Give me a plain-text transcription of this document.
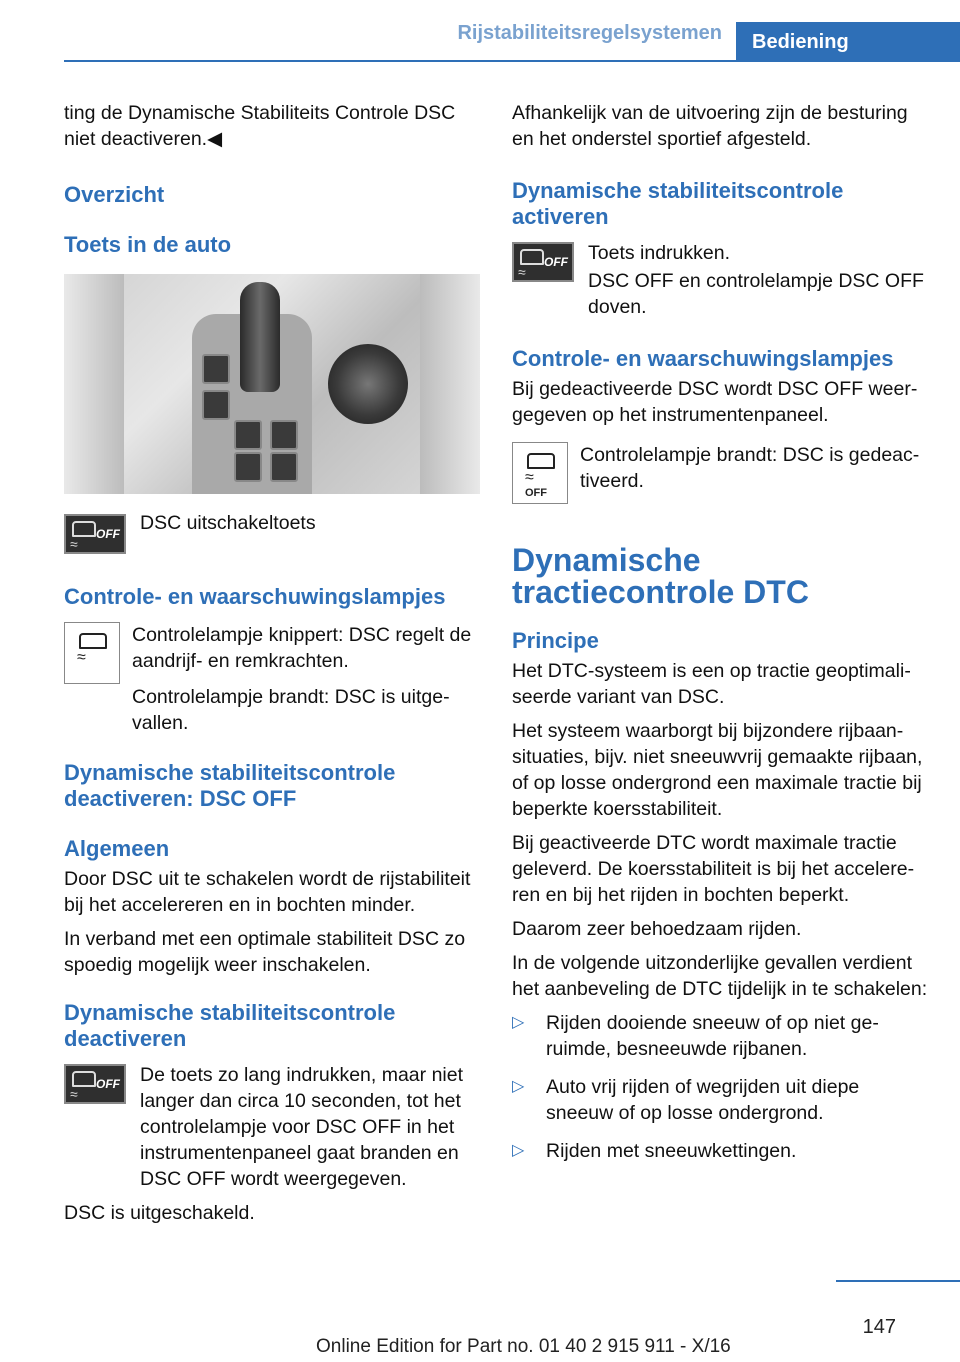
Rijstabiliteitsregelsystemen	Bediening

ting de Dynamische Stabiliteits Controle DSC niet deactiveren.◀

Overzicht
Toets in de auto
≈
OFF DSC uitschakeltoets
Controle- en waarschuwingslampjes
≈

Controlelampje knippert: DSC regelt de aandrijf- en remkrachten.

Controlelampje brandt: DSC is uitgevallen.

Dynamische stabiliteitscontrole deactiveren: DSC OFF
Algemeen

Door DSC uit te schakelen wordt de rijstabiliteit bij het accelereren en in bochten minder.

In verband met een optimale stabiliteit DSC zo spoedig mogelijk weer inschakelen.

Dynamische stabiliteitscontrole deactiveren
≈
OFF De toets zo lang indrukken, maar niet langer dan circa 10 seconden, tot het controlelampje voor DSC OFF in het instrumentenpaneel gaat branden en DSC OFF wordt weergegeven.

DSC is uitgeschakeld.

Afhankelijk van de uitvoering zijn de besturing en het onderstel sportief afgesteld.

Dynamische stabiliteitscontrole activeren
≈
OFF Toets indrukken.

DSC OFF en controlelampje DSC OFF doven.

Controle- en waarschuwingslampjes

Bij gedeactiveerde DSC wordt DSC OFF weergegeven op het instrumentenpaneel.

≈
OFF

Controlelampje brandt: DSC is gedeactiveerd.

Dynamische tractiecontrole DTC
Principe

Het DTC-systeem is een op tractie geoptimaliseerde variant van DSC.

Het systeem waarborgt bij bijzondere rijbaansituaties, bijv. niet sneeuwvrij gemaakte rijbaan, of op losse ondergrond een maximale tractie bij beperkte koersstabiliteit.

Bij geactiveerde DTC wordt maximale tractie geleverd. De koersstabiliteit is bij het accelereren en bij het rijden in bochten beperkt.

Daarom zeer behoedzaam rijden.

In de volgende uitzonderlijke gevallen verdient het aanbeveling de DTC tijdelijk in te schakelen:

▷ Rijden dooiende sneeuw of op niet geruimde, besneeuwde rijbanen.
▷ Auto vrij rijden of wegrijden uit diepe sneeuw of op losse ondergrond.
▷ Rijden met sneeuwkettingen.
147
Online Edition for Part no. 01 40 2 915 911 - X/16
